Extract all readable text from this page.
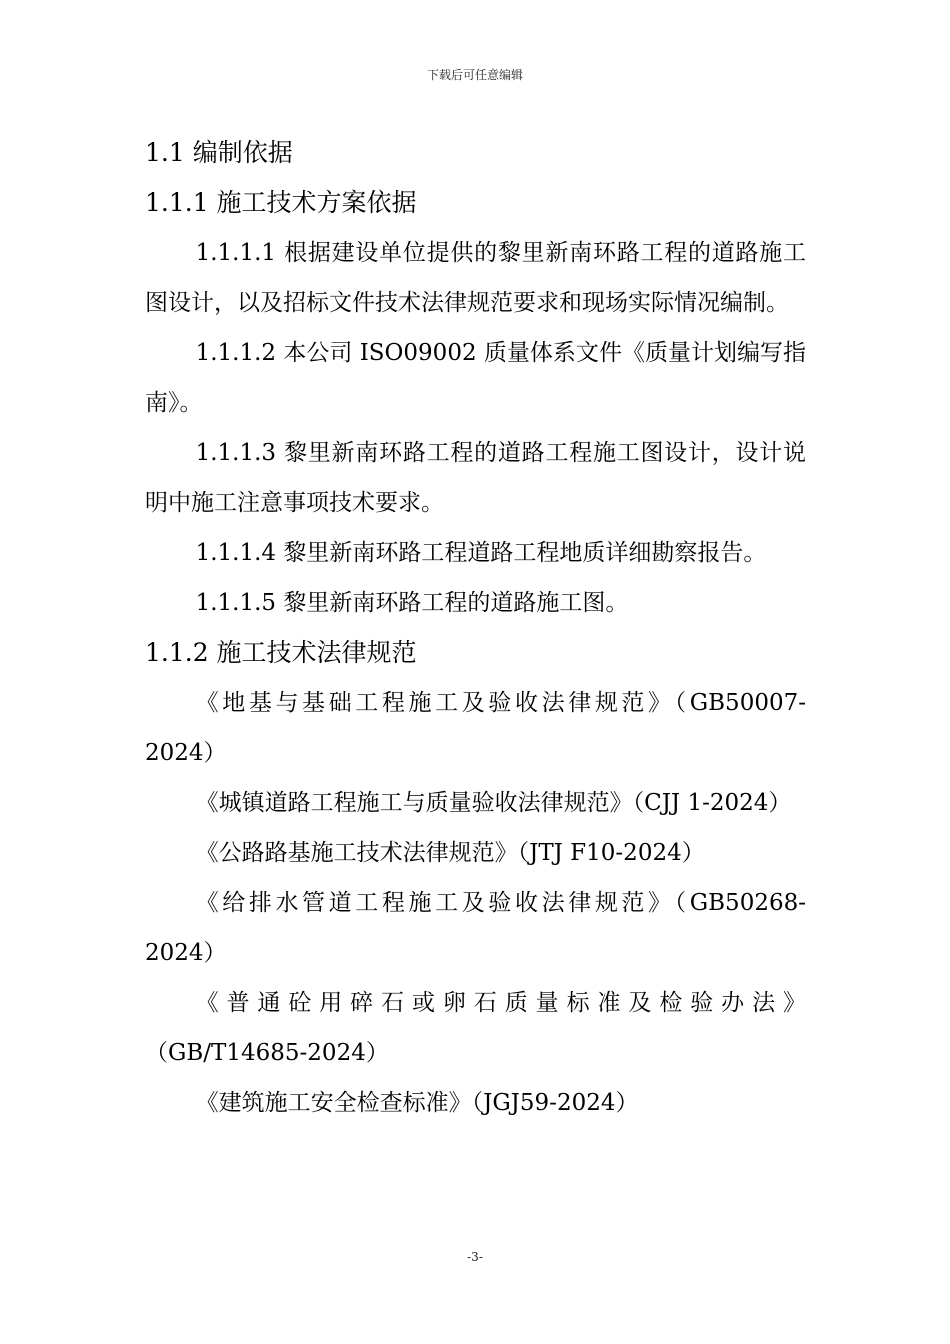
下载后可任意编辑
1.1 编制依据
1.1.1 施工技术方案依据
1.1.1.1 根据建设单位提供的黎里新南环路工程的道路施工图设计，以及招标文件技术法律规范要求和现场实际情况编制。
1.1.1.2 本公司 ISO09002 质量体系文件《质量计划编写指南》。
1.1.1.3 黎里新南环路工程的道路工程施工图设计，设计说明中施工注意事项技术要求。
1.1.1.4 黎里新南环路工程道路工程地质详细勘察报告。
1.1.1.5 黎里新南环路工程的道路施工图。
1.1.2 施工技术法律规范
《地基与基础工程施工及验收法律规范》（GB50007-2024）
《城镇道路工程施工与质量验收法律规范》（CJJ 1-2024）
《公路路基施工技术法律规范》（JTJ F10-2024）
《给排水管道工程施工及验收法律规范》（GB50268-2024）
《普通砼用碎石或卵石质量标准及检验办法》（GB/T14685-2024）
《建筑施工安全检查标准》（JGJ59-2024）
-3-
